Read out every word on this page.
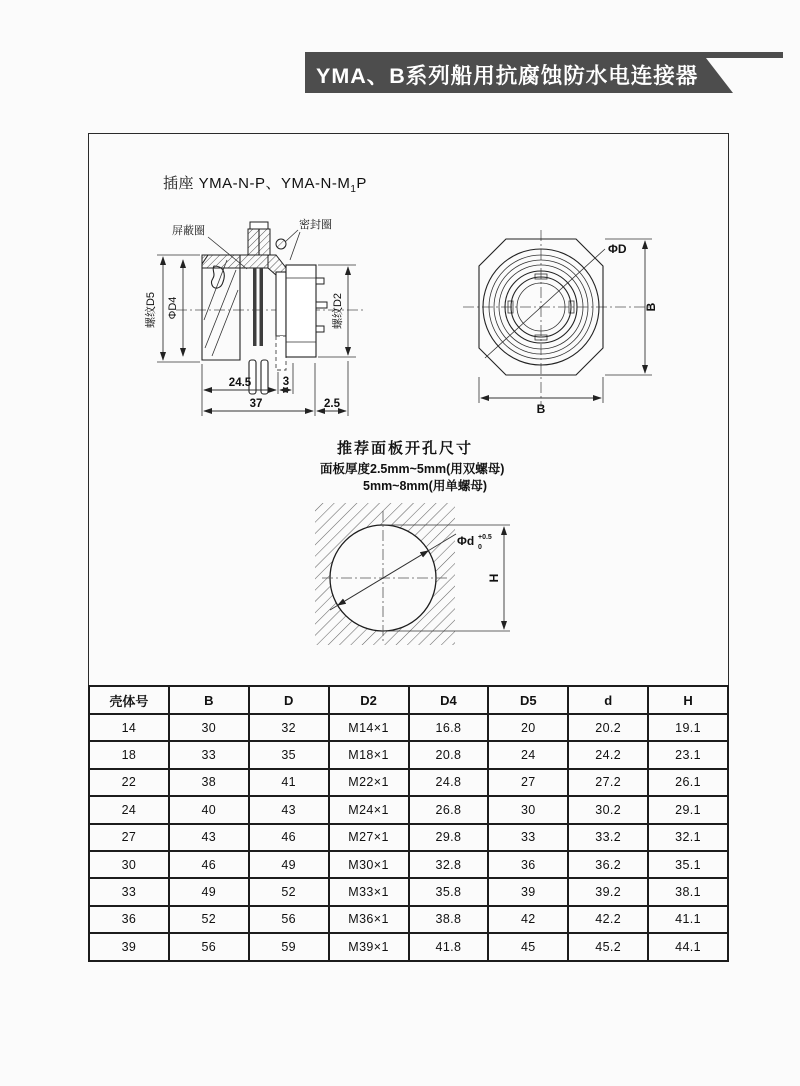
YMA、B系列船用抗腐蚀防水电连接器
插座 YMA-N-P、YMA-$N-M_1P$
屏蔽圈	密封圈
螺纹D5 ΦD4	螺纹D2
24.5	3
37	2.5
ΦD
B
B
推荐面板开孔尺寸
面板厚度2.5mm~5mm(用双螺母)
5mm~8mm(用单螺母)
Φd +0.5
0
H
壳体号	B	D	D2	D4	D5	d	H
14	30	32	M14×1	16.8	20	20.2	19.1
18	33	35	M18×1	20.8	24	24.2	23.1
22	38	41	M22×1	24.8	27	27.2	26.1
24	40	43	M24×1	26.8	30	30.2	29.1
27	43	46	M27×1	29.8	33	33.2	32.1
30	46	49	M30×1	32.8	36	36.2	35.1
33	49	52	M33×1	35.8	39	39.2	38.1
36	52	56	M36×1	38.8	42	42.2	41.1
39	56	59	M39×1	41.8	45	45.2	44.1
